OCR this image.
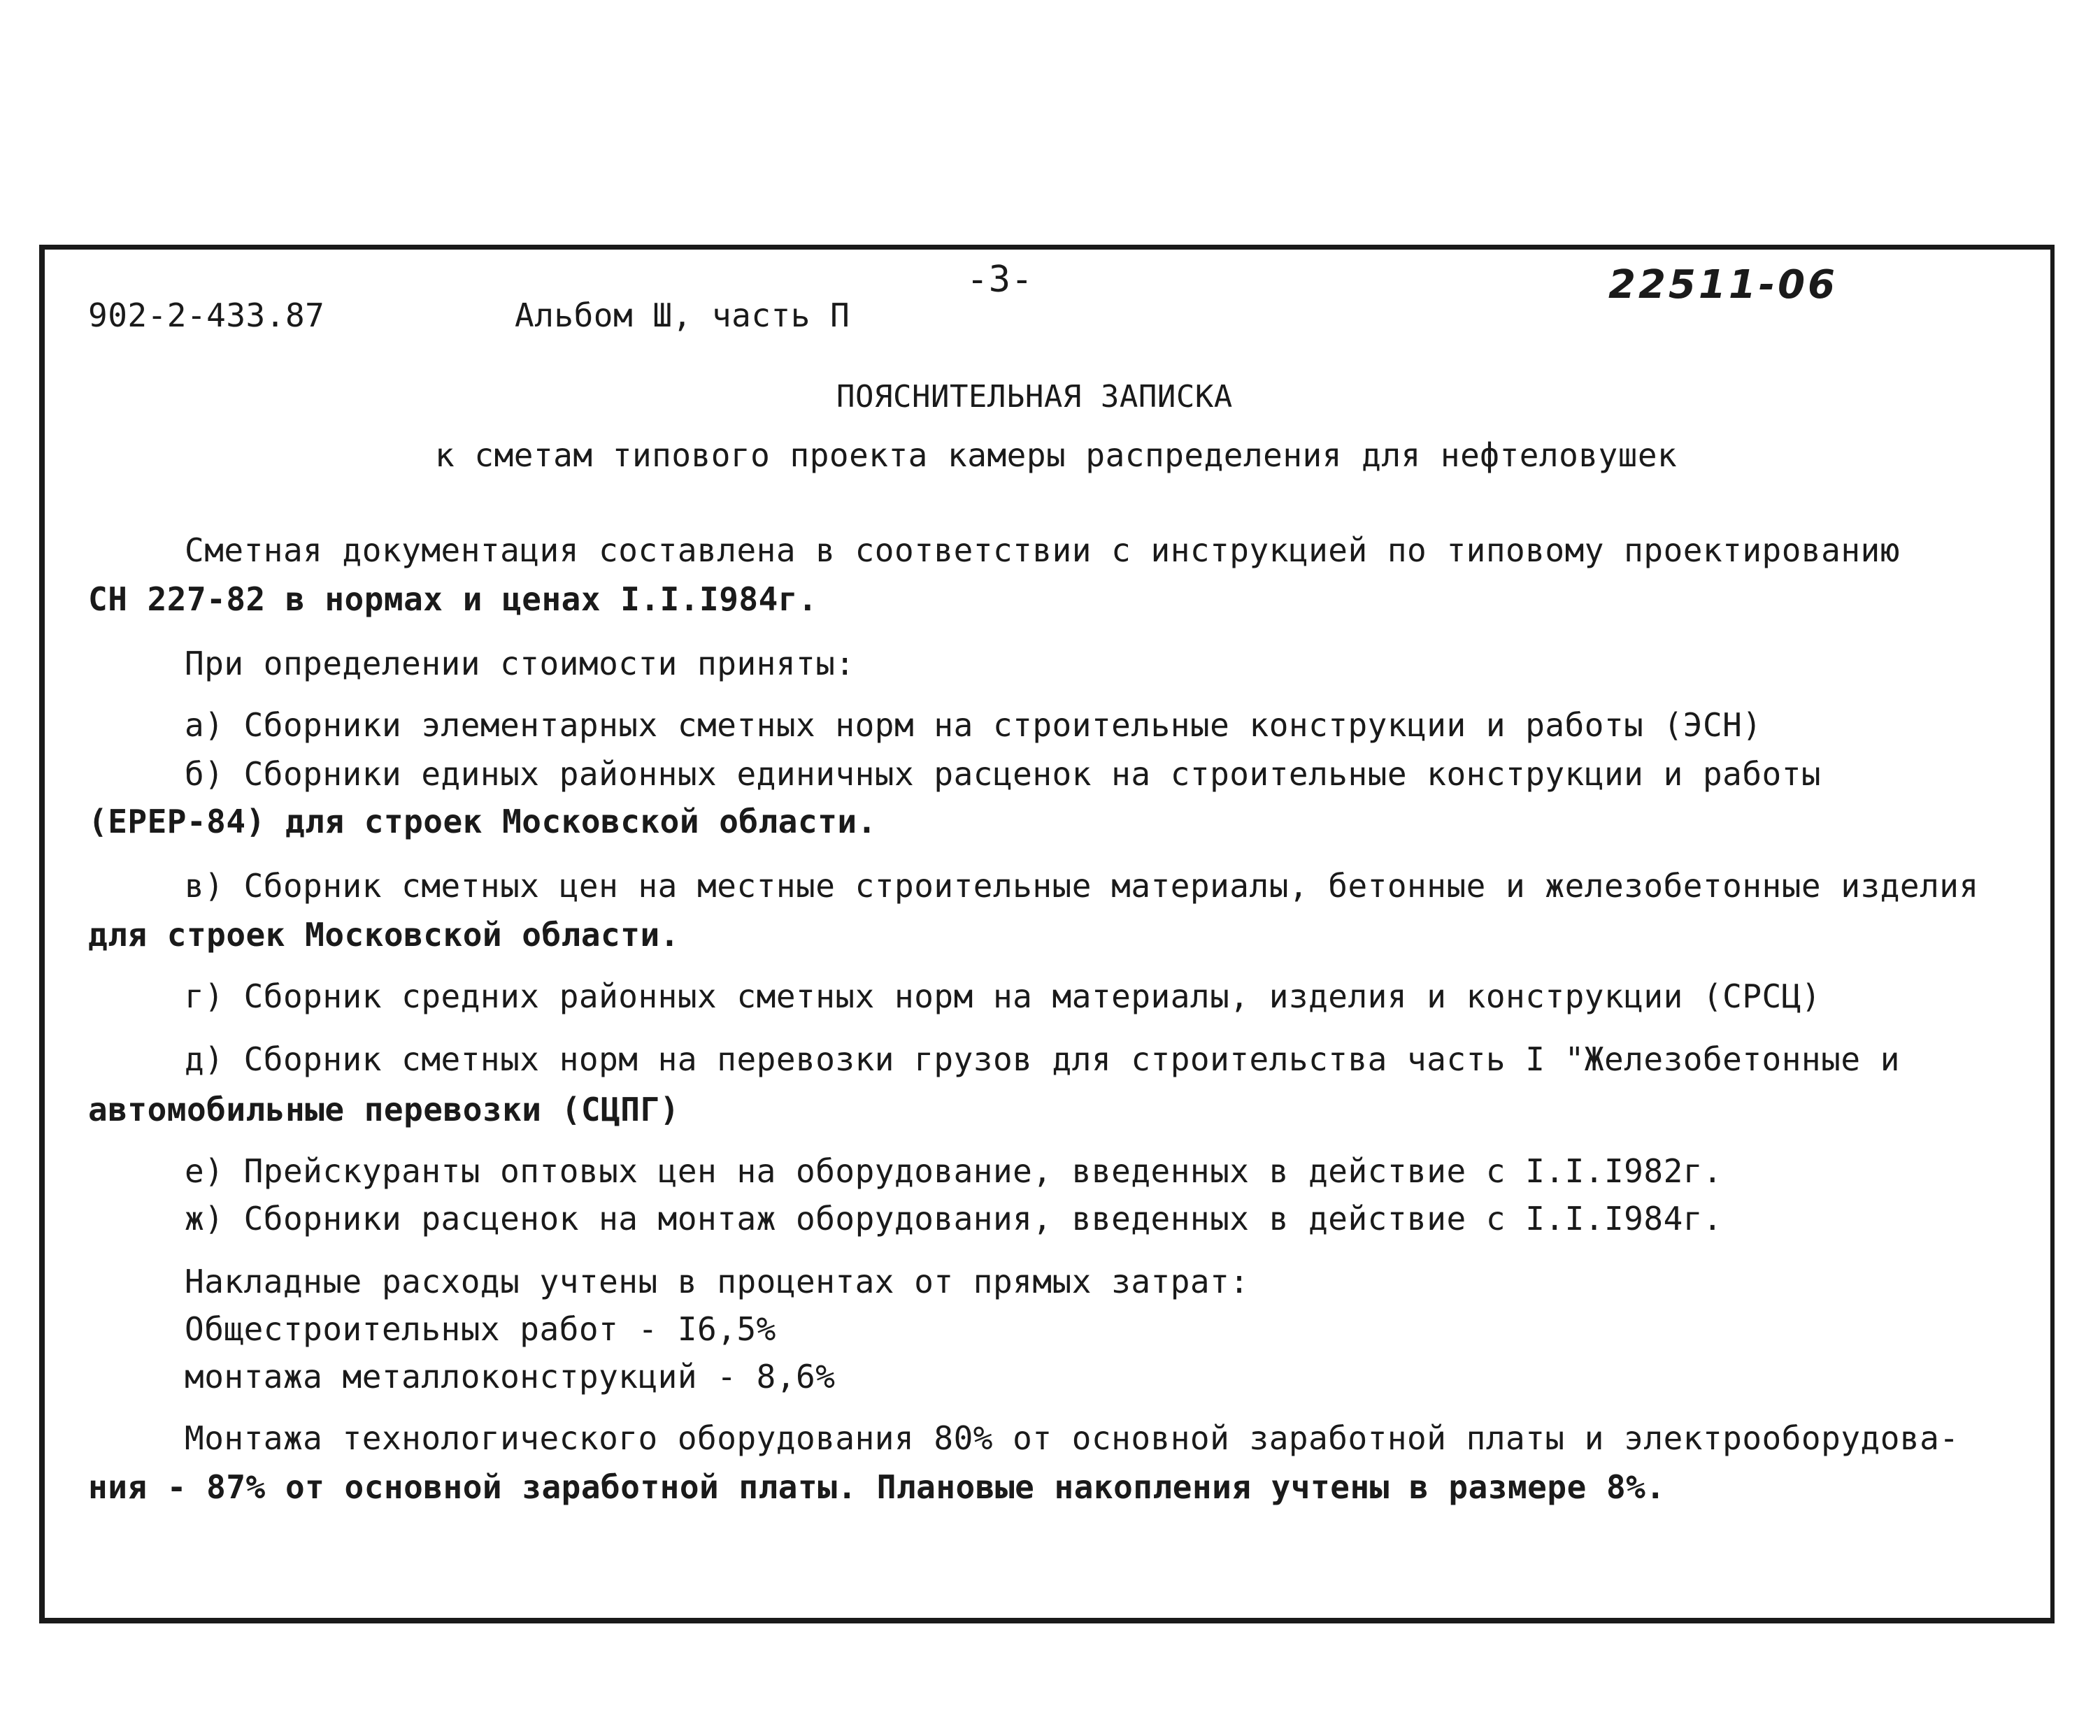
902-2-433.87	Альбом Ш, часть П
-3-	22511-06
ПОЯСНИТЕЛЬНАЯ ЗАПИСКА
к сметам типового проекта камеры распределения для нефтеловушек
Сметная документация составлена в соответствии с инструкцией по типовому проектированию
СН 227-82 в нормах и ценах I.I.I984г.
При определении стоимости приняты:
а) Сборники элементарных сметных норм на строительные конструкции и работы (ЭСН)
б) Сборники единых районных единичных расценок на строительные конструкции и работы
(ЕРЕР-84) для строек Московской области.
в) Сборник сметных цен на местные строительные материалы, бетонные и железобетонные изделия
для строек Московской области.
г) Сборник средних районных сметных норм на материалы, изделия и конструкции (СРСЦ)
д) Сборник сметных норм на перевозки грузов для строительства часть I "Железобетонные и
автомобильные перевозки (СЦПГ)
е) Прейскуранты оптовых цен на оборудование, введенных в действие с I.I.I982г.
ж) Сборники расценок на монтаж оборудования, введенных в действие с I.I.I984г.
Накладные расходы учтены в процентах от прямых затрат:
Общестроительных работ - I6,5%
монтажа металлоконструкций - 8,6%
Монтажа технологического оборудования 80% от основной заработной платы и электрооборудова-
ния - 87% от основной заработной платы. Плановые накопления учтены в размере 8%.
